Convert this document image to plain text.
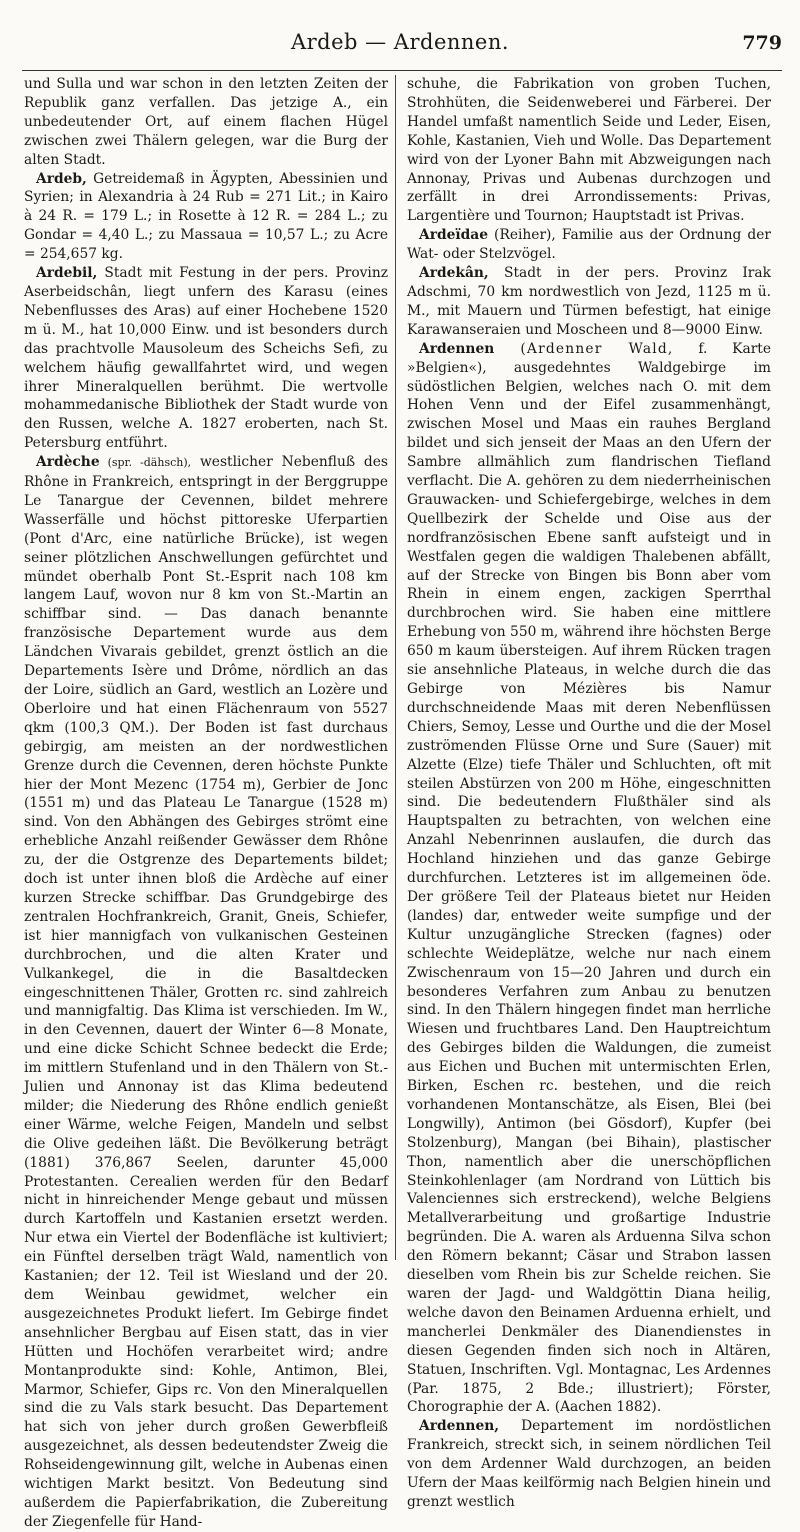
Ardeb — Ardennen.	779

und Sulla und war schon in den letzten Zeiten der Republik ganz verfallen. Das jetzige A., ein unbedeutender Ort, auf einem flachen Hügel zwischen zwei Thälern gelegen, war die Burg der alten Stadt.

Ardeb, Getreidemaß in Ägypten, Abessinien und Syrien; in Alexandria à 24 Rub = 271 Lit.; in Kairo à 24 R. = 179 L.; in Rosette à 12 R. = 284 L.; zu Gondar = 4,40 L.; zu Massaua = 10,57 L.; zu Acre = 254,657 kg.

Ardebil, Stadt mit Festung in der pers. Provinz Aserbeidschân, liegt unfern des Karasu (eines Nebenflusses des Aras) auf einer Hochebene 1520 m ü. M., hat 10,000 Einw. und ist besonders durch das prachtvolle Mausoleum des Scheichs Sefi, zu welchem häufig gewallfahrtet wird, und wegen ihrer Mineralquellen berühmt. Die wertvolle mohammedanische Bibliothek der Stadt wurde von den Russen, welche A. 1827 eroberten, nach St. Petersburg entführt.

Ardèche (spr. -dähsch), westlicher Nebenfluß des Rhône in Frankreich, entspringt in der Berggruppe Le Tanargue der Cevennen, bildet mehrere Wasserfälle und höchst pittoreske Uferpartien (Pont d'Arc, eine natürliche Brücke), ist wegen seiner plötzlichen Anschwellungen gefürchtet und mündet oberhalb Pont St.-Esprit nach 108 km langem Lauf, wovon nur 8 km von St.-Martin an schiffbar sind. — Das danach benannte französische Departement wurde aus dem Ländchen Vivarais gebildet, grenzt östlich an die Departements Isère und Drôme, nördlich an das der Loire, südlich an Gard, westlich an Lozère und Oberloire und hat einen Flächenraum von 5527 qkm (100,3 QM.). Der Boden ist fast durchaus gebirgig, am meisten an der nordwestlichen Grenze durch die Cevennen, deren höchste Punkte hier der Mont Mezenc (1754 m), Gerbier de Jonc (1551 m) und das Plateau Le Tanargue (1528 m) sind. Von den Abhängen des Gebirges strömt eine erhebliche Anzahl reißender Gewässer dem Rhône zu, der die Ostgrenze des Departements bildet; doch ist unter ihnen bloß die Ardèche auf einer kurzen Strecke schiffbar. Das Grundgebirge des zentralen Hochfrankreich, Granit, Gneis, Schiefer, ist hier mannigfach von vulkanischen Gesteinen durchbrochen, und die alten Krater und Vulkankegel, die in die Basaltdecken eingeschnittenen Thäler, Grotten rc. sind zahlreich und mannigfaltig. Das Klima ist verschieden. Im W., in den Cevennen, dauert der Winter 6—8 Monate, und eine dicke Schicht Schnee bedeckt die Erde; im mittlern Stufenland und in den Thälern von St.-Julien und Annonay ist das Klima bedeutend milder; die Niederung des Rhône endlich genießt einer Wärme, welche Feigen, Mandeln und selbst die Olive gedeihen läßt. Die Bevölkerung beträgt (1881) 376,867 Seelen, darunter 45,000 Protestanten. Cerealien werden für den Bedarf nicht in hinreichender Menge gebaut und müssen durch Kartoffeln und Kastanien ersetzt werden. Nur etwa ein Viertel der Bodenfläche ist kultiviert; ein Fünftel derselben trägt Wald, namentlich von Kastanien; der 12. Teil ist Wiesland und der 20. dem Weinbau gewidmet, welcher ein ausgezeichnetes Produkt liefert. Im Gebirge findet ansehnlicher Bergbau auf Eisen statt, das in vier Hütten und Hochöfen verarbeitet wird; andre Montanprodukte sind: Kohle, Antimon, Blei, Marmor, Schiefer, Gips rc. Von den Mineralquellen sind die zu Vals stark besucht. Das Departement hat sich von jeher durch großen Gewerbfleiß ausgezeichnet, als dessen bedeutendster Zweig die Rohseidengewinnung gilt, welche in Aubenas einen wichtigen Markt besitzt. Von Bedeutung sind außerdem die Papierfabrikation, die Zubereitung der Ziegenfelle für Hand-

schuhe, die Fabrikation von groben Tuchen, Strohhüten, die Seidenweberei und Färberei. Der Handel umfaßt namentlich Seide und Leder, Eisen, Kohle, Kastanien, Vieh und Wolle. Das Departement wird von der Lyoner Bahn mit Abzweigungen nach Annonay, Privas und Aubenas durchzogen und zerfällt in drei Arrondissements: Privas, Largentière und Tournon; Hauptstadt ist Privas.

Ardeïdae (Reiher), Familie aus der Ordnung der Wat- oder Stelzvögel.

Ardekân, Stadt in der pers. Provinz Irak Adschmi, 70 km nordwestlich von Jezd, 1125 m ü. M., mit Mauern und Türmen befestigt, hat einige Karawanseraien und Moscheen und 8—9000 Einw.

Ardennen (Ardenner Wald, f. Karte »Belgien«), ausgedehntes Waldgebirge im südöstlichen Belgien, welches nach O. mit dem Hohen Venn und der Eifel zusammenhängt, zwischen Mosel und Maas ein rauhes Bergland bildet und sich jenseit der Maas an den Ufern der Sambre allmählich zum flandrischen Tiefland verflacht. Die A. gehören zu dem niederrheinischen Grauwacken- und Schiefergebirge, welches in dem Quellbezirk der Schelde und Oise aus der nordfranzösischen Ebene sanft aufsteigt und in Westfalen gegen die waldigen Thalebenen abfällt, auf der Strecke von Bingen bis Bonn aber vom Rhein in einem engen, zackigen Sperrthal durchbrochen wird. Sie haben eine mittlere Erhebung von 550 m, während ihre höchsten Berge 650 m kaum übersteigen. Auf ihrem Rücken tragen sie ansehnliche Plateaus, in welche durch die das Gebirge von Mézières bis Namur durchschneidende Maas mit deren Nebenflüssen Chiers, Semoy, Lesse und Ourthe und die der Mosel zuströmenden Flüsse Orne und Sure (Sauer) mit Alzette (Elze) tiefe Thäler und Schluchten, oft mit steilen Abstürzen von 200 m Höhe, eingeschnitten sind. Die bedeutendern Flußthäler sind als Hauptspalten zu betrachten, von welchen eine Anzahl Nebenrinnen auslaufen, die durch das Hochland hinziehen und das ganze Gebirge durchfurchen. Letzteres ist im allgemeinen öde. Der größere Teil der Plateaus bietet nur Heiden (landes) dar, entweder weite sumpfige und der Kultur unzugängliche Strecken (fagnes) oder schlechte Weideplätze, welche nur nach einem Zwischenraum von 15—20 Jahren und durch ein besonderes Verfahren zum Anbau zu benutzen sind. In den Thälern hingegen findet man herrliche Wiesen und fruchtbares Land. Den Hauptreichtum des Gebirges bilden die Waldungen, die zumeist aus Eichen und Buchen mit untermischten Erlen, Birken, Eschen rc. bestehen, und die reich vorhandenen Montanschätze, als Eisen, Blei (bei Longwilly), Antimon (bei Gösdorf), Kupfer (bei Stolzenburg), Mangan (bei Bihain), plastischer Thon, namentlich aber die unerschöpflichen Steinkohlenlager (am Nordrand von Lüttich bis Valenciennes sich erstreckend), welche Belgiens Metallverarbeitung und großartige Industrie begründen. Die A. waren als Arduenna Silva schon den Römern bekannt; Cäsar und Strabon lassen dieselben vom Rhein bis zur Schelde reichen. Sie waren der Jagd- und Waldgöttin Diana heilig, welche davon den Beinamen Arduenna erhielt, und mancherlei Denkmäler des Dianendienstes in diesen Gegenden finden sich noch in Altären, Statuen, Inschriften. Vgl. Montagnac, Les Ardennes (Par. 1875, 2 Bde.; illustriert); Förster, Chorographie der A. (Aachen 1882).

Ardennen, Departement im nordöstlichen Frankreich, streckt sich, in seinem nördlichen Teil von dem Ardenner Wald durchzogen, an beiden Ufern der Maas keilförmig nach Belgien hinein und grenzt westlich
